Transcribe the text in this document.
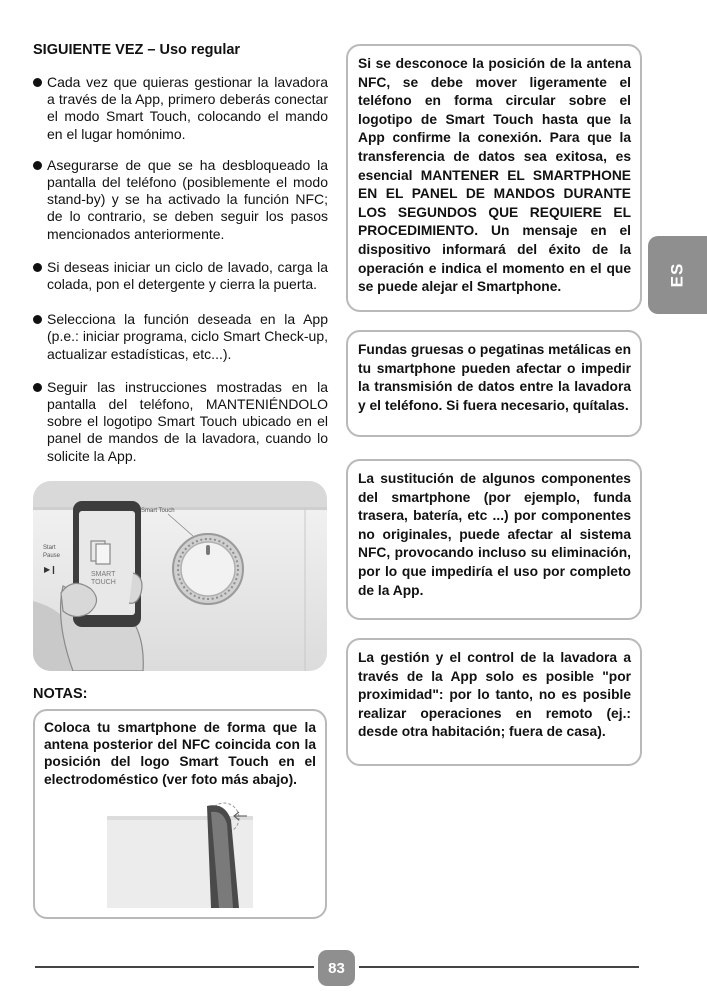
SIGUIENTE VEZ – Uso regular
Cada vez que quieras gestionar la lavadora a través de la App, primero deberás conectar el modo Smart Touch, colocando el mando en el lugar homónimo.
Asegurarse de que se ha desbloqueado la pantalla del teléfono (posiblemente el modo stand-by) y se ha activado la función NFC; de lo contrario, se deben seguir los pasos mencionados anteriormente.
Si deseas iniciar un ciclo de lavado, carga la colada, pon el detergente y cierra la puerta.
Selecciona la función deseada en la App (p.e.: iniciar programa, ciclo Smart Check-up, actualizar estadísticas, etc...).
Seguir las instrucciones mostradas en la pantalla del teléfono, MANTENIÉNDOLO sobre el logotipo Smart Touch ubicado en el panel de mandos de la lavadora, cuando lo solicite la App.
Smart Touch
Start
Pause
▶❙
SMART
TOUCH
NOTAS:
Coloca tu smartphone de forma que la antena posterior del NFC coincida con la posición del logo Smart Touch en el electrodoméstico (ver foto más abajo).
Si se desconoce la posición de la antena NFC, se debe mover ligeramente el teléfono en forma circular sobre el logotipo de Smart Touch hasta que la App confirme la conexión. Para que la transferencia de datos sea exitosa, es esencial MANTENER EL SMARTPHONE EN EL PANEL DE MANDOS DURANTE LOS SEGUNDOS QUE REQUIERE EL PROCEDIMIENTO. Un mensaje en el dispositivo informará del éxito de la operación e indica el momento en el que se puede alejar el Smartphone.
Fundas gruesas o pegatinas metálicas en tu smartphone pueden afectar o impedir la transmisión de datos entre la lavadora y el teléfono. Si fuera necesario, quítalas.
La sustitución de algunos componentes del smartphone (por ejemplo, funda trasera, batería, etc ...) por componentes no originales, puede afectar al sistema NFC, provocando incluso su eliminación, por lo que impediría el uso por completo de la App.
La gestión y el control de la lavadora a través de la App solo es posible "por proximidad": por lo tanto, no es posible realizar operaciones en remoto (ej.: desde otra habitación; fuera de casa).
ES
83
